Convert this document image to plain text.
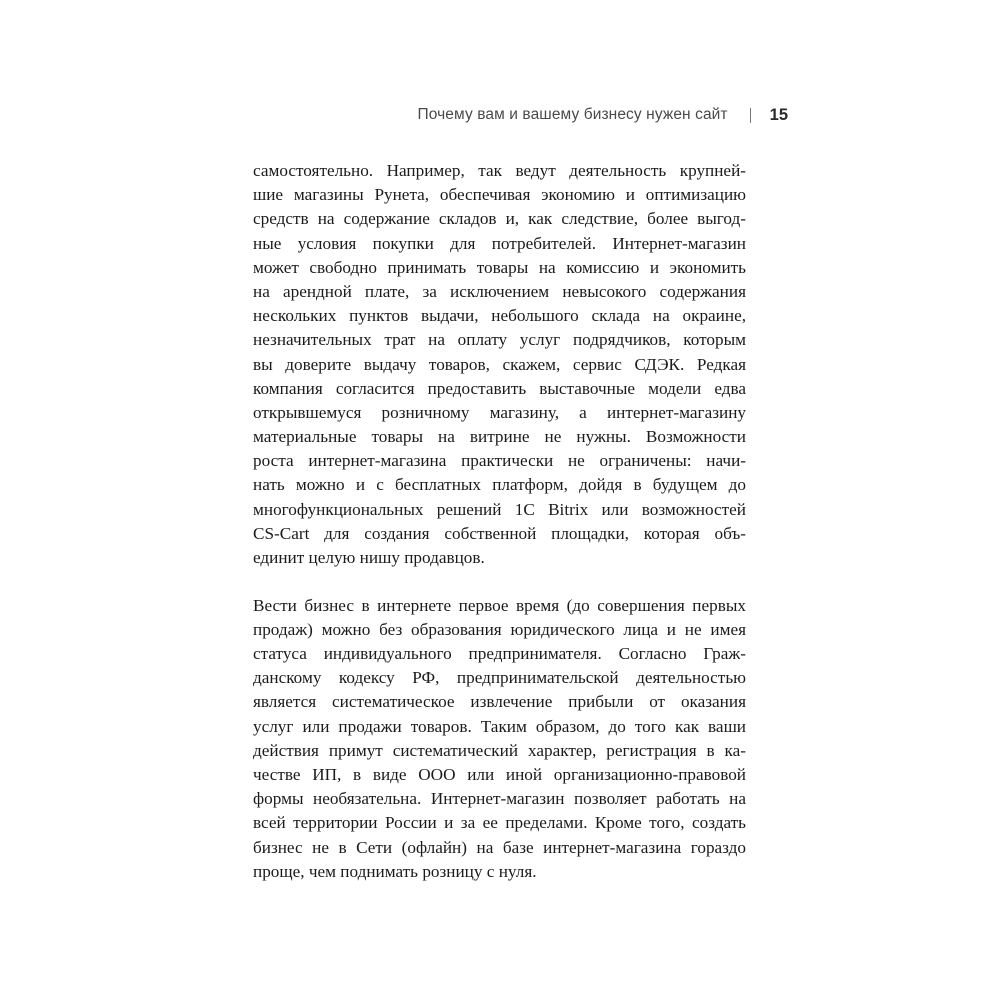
Почему вам и вашему бизнесу нужен сайт	15

самостоятельно. Например, так ведут деятельность крупней-
шие магазины Рунета, обеспечивая экономию и оптимизацию
средств на содержание складов и, как следствие, более выгод-
ные условия покупки для потребителей. Интернет-магазин
может свободно принимать товары на комиссию и экономить
на арендной плате, за исключением невысокого содержания
нескольких пунктов выдачи, небольшого склада на окраине,
незначительных трат на оплату услуг подрядчиков, которым
вы доверите выдачу товаров, скажем, сервис СДЭК. Редкая
компания согласится предоставить выставочные модели едва
открывшемуся розничному магазину, а интернет-магазину
материальные товары на витрине не нужны. Возможности
роста интернет-магазина практически не ограничены: начи-
нать можно и с бесплатных платформ, дойдя в будущем до
многофункциональных решений 1С Bitrix или возможностей
CS-Cart для создания собственной площадки, которая объ-
единит целую нишу продавцов.

Вести бизнес в интернете первое время (до совершения первых
продаж) можно без образования юридического лица и не имея
статуса индивидуального предпринимателя. Согласно Граж-
данскому кодексу РФ, предпринимательской деятельностью
является систематическое извлечение прибыли от оказания
услуг или продажи товаров. Таким образом, до того как ваши
действия примут систематический характер, регистрация в ка-
честве ИП, в виде ООО или иной организационно-правовой
формы необязательна. Интернет-магазин позволяет работать на
всей территории России и за ее пределами. Кроме того, создать
бизнес не в Сети (офлайн) на базе интернет-магазина гораздо
проще, чем поднимать розницу с нуля.
